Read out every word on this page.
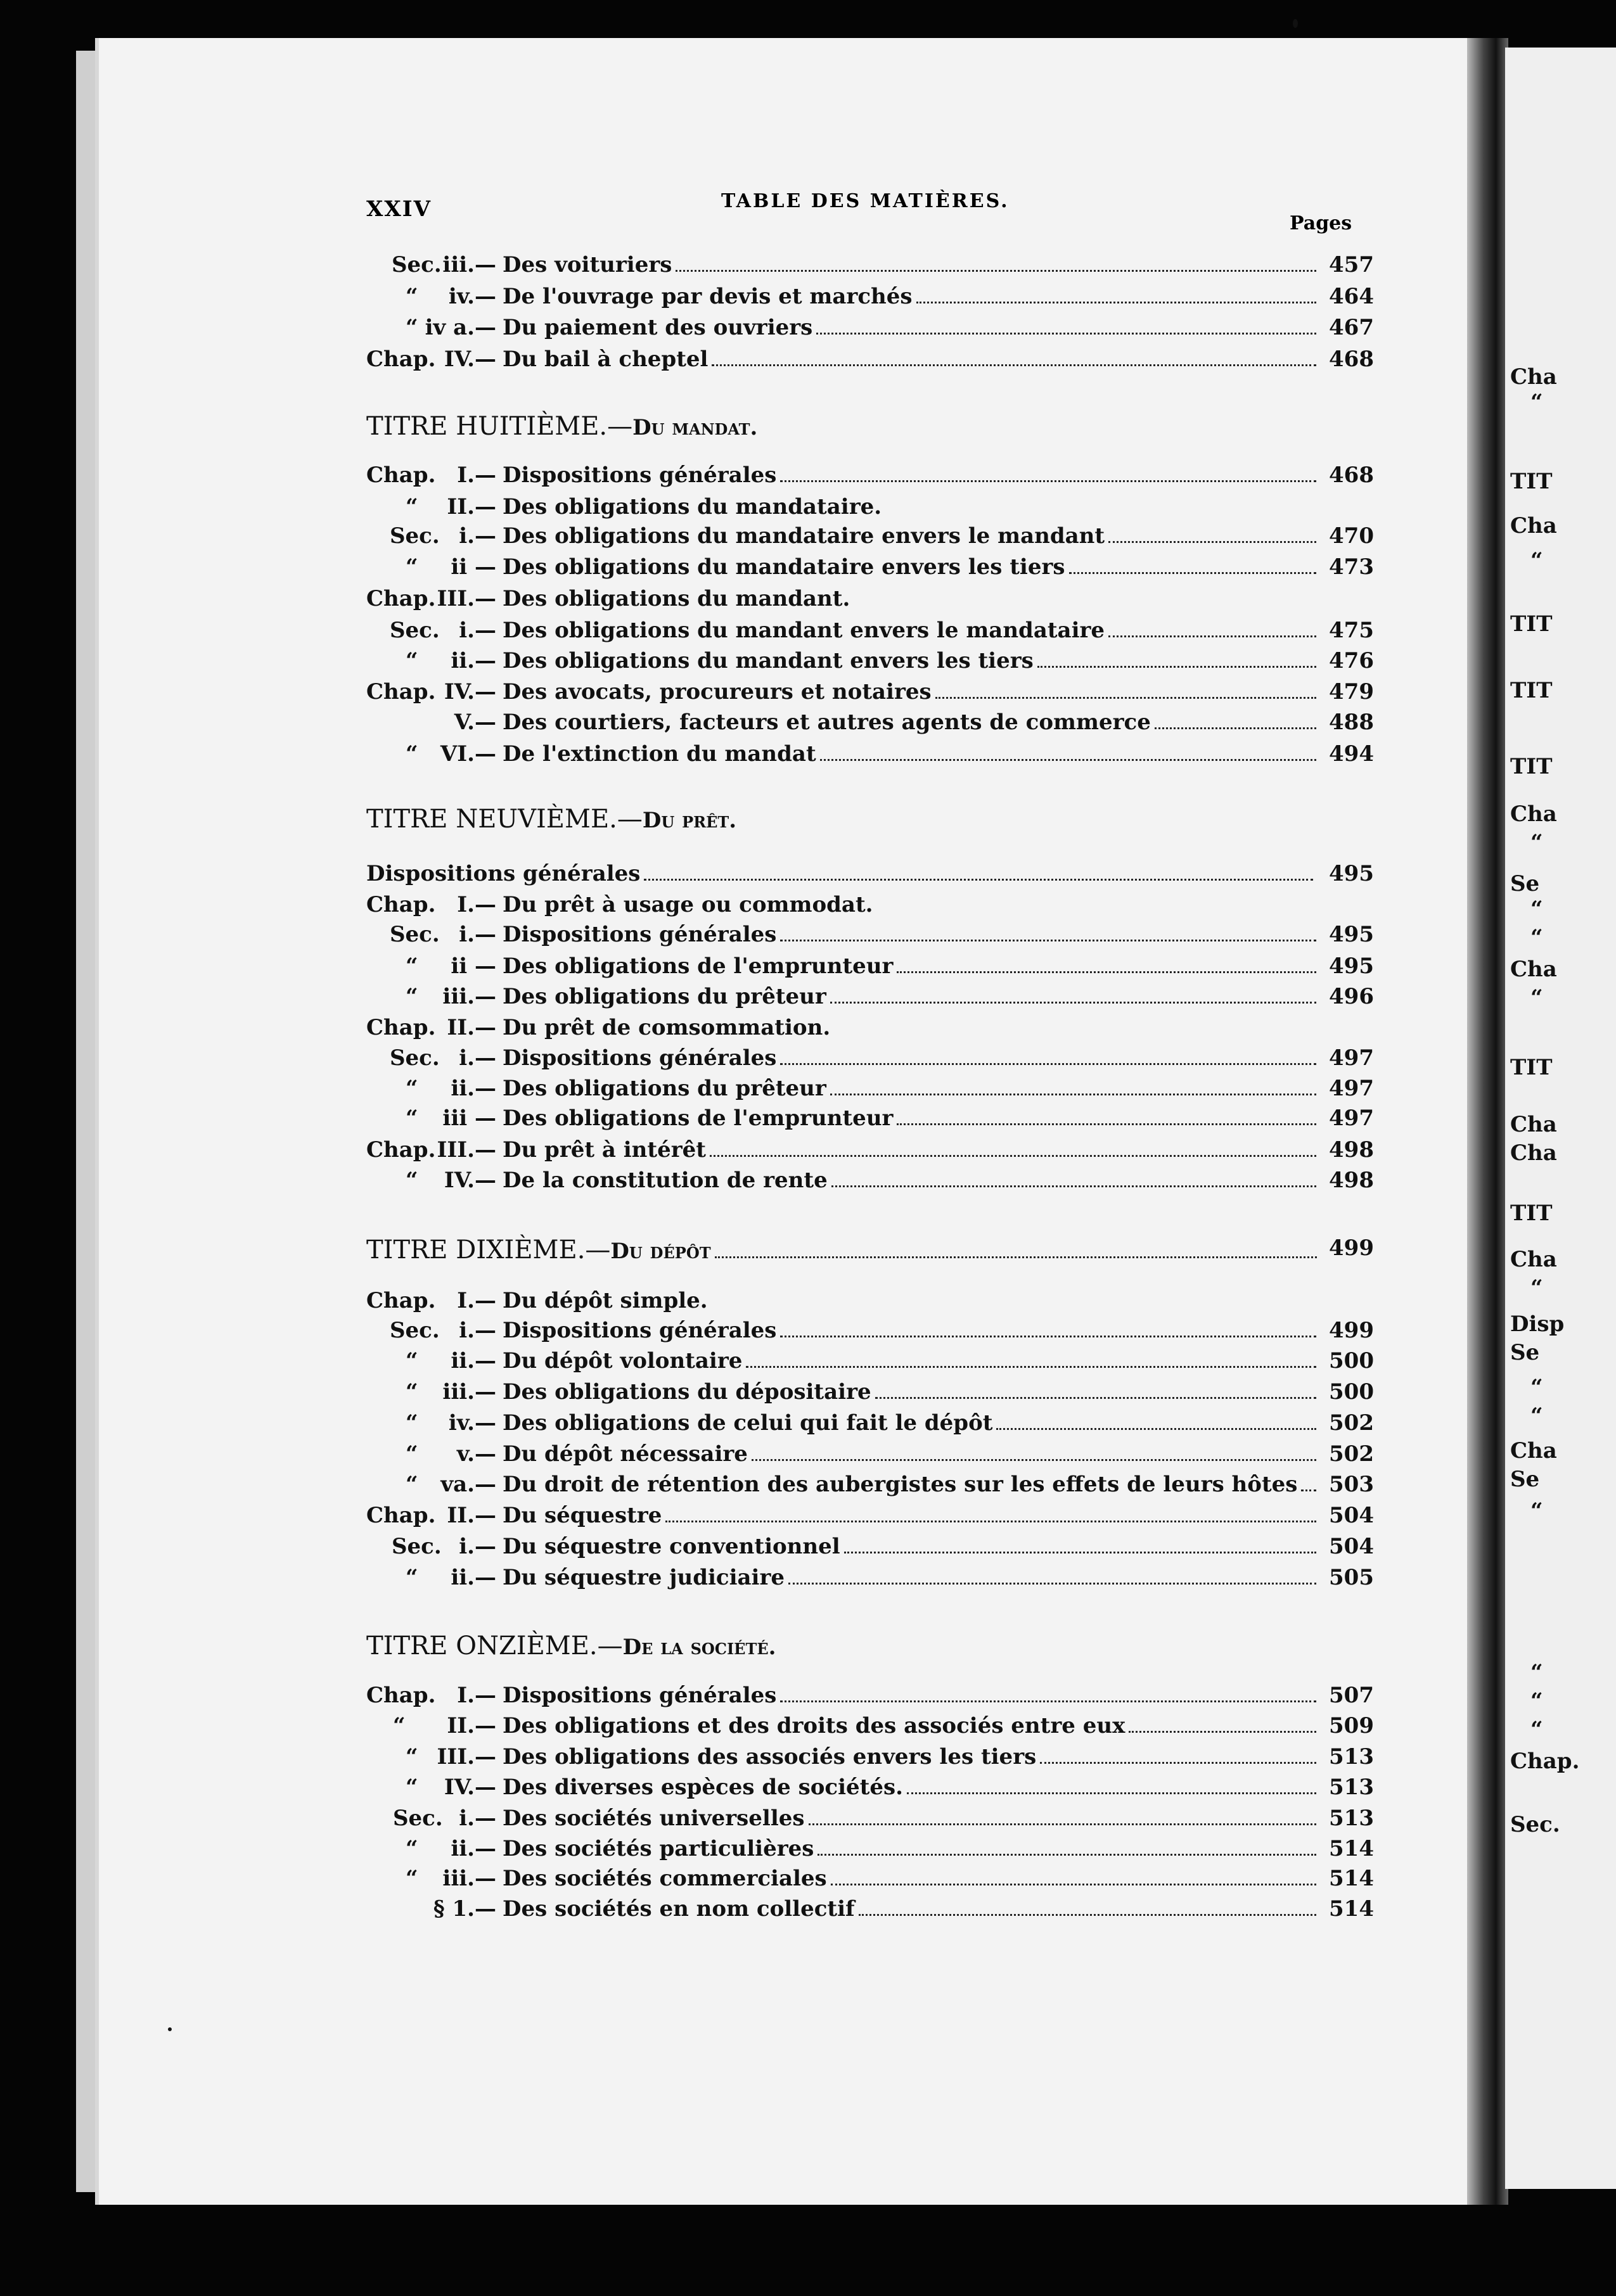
Cha
“
TIT
Cha
“
TIT
TIT
TIT
Cha
“
Se
“
“
Cha
“
TIT
Cha
Cha
TIT
Cha
“
Disp
Se
“
“
Cha
Se
“
“
“
“
Chap.
Sec.
XXIV	TABLE DES MATIÈRES.
Pages
Sec. iii.— Des voituriers	457
“	iv.— De l'ouvrage par devis et marchés	464
“ iv a.— Du paiement des ouvriers	467
Chap. IV.— Du bail à cheptel	468
Chap. I.— Dispositions générales	468
“	II.— Des obligations du mandataire.
Sec. i.— Des obligations du mandataire envers le mandant	470
“	ii — Des obligations du mandataire envers les tiers	473
Chap. III.— Des obligations du mandant.
Sec. i.— Des obligations du mandant envers le mandataire	475
“	ii.— Des obligations du mandant envers les tiers	476
Chap. IV.— Des avocats, procureurs et notaires	479
V.— Des courtiers, facteurs et autres agents de commerce	488
“	VI.— De l'extinction du mandat	494
Dispositions générales	495
Chap. I.— Du prêt à usage ou commodat.
Sec. i.— Dispositions générales	495
“	ii — Des obligations de l'emprunteur	495
“	iii.— Des obligations du prêteur	496
Chap. II.— Du prêt de comsommation.
Sec. i.— Dispositions générales	497
“	ii.— Des obligations du prêteur	497
“	iii — Des obligations de l'emprunteur	497
Chap. III.— Du prêt à intérêt	498
“	IV.— De la constitution de rente	498
Chap. I.— Du dépôt simple.
Sec. i.— Dispositions générales	499
“	ii.— Du dépôt volontaire	500
“	iii.— Des obligations du dépositaire	500
“	iv.— Des obligations de celui qui fait le dépôt	502
“	v.— Du dépôt nécessaire	502
“	va.— Du droit de rétention des aubergistes sur les effets de leurs hôtes 503
Chap. II.— Du séquestre	504
Sec. i.— Du séquestre conventionnel	504
“	ii.— Du séquestre judiciaire	505
Chap. I.— Dispositions générales	507
“	II.— Des obligations et des droits des associés entre eux	509
“ III.— Des obligations des associés envers les tiers	513
“	IV.— Des diverses espèces de sociétés.	513
Sec. i.— Des sociétés universelles	513
“	ii.— Des sociétés particulières	514
“	iii.— Des sociétés commerciales	514
§ 1.— Des sociétés en nom collectif	514
TITRE HUITIÈME.— Du mandat.
TITRE NEUVIÈME.— Du prêt.
TITRE DIXIÈME.— Du dépôt	499
TITRE ONZIÈME.— De la société.
